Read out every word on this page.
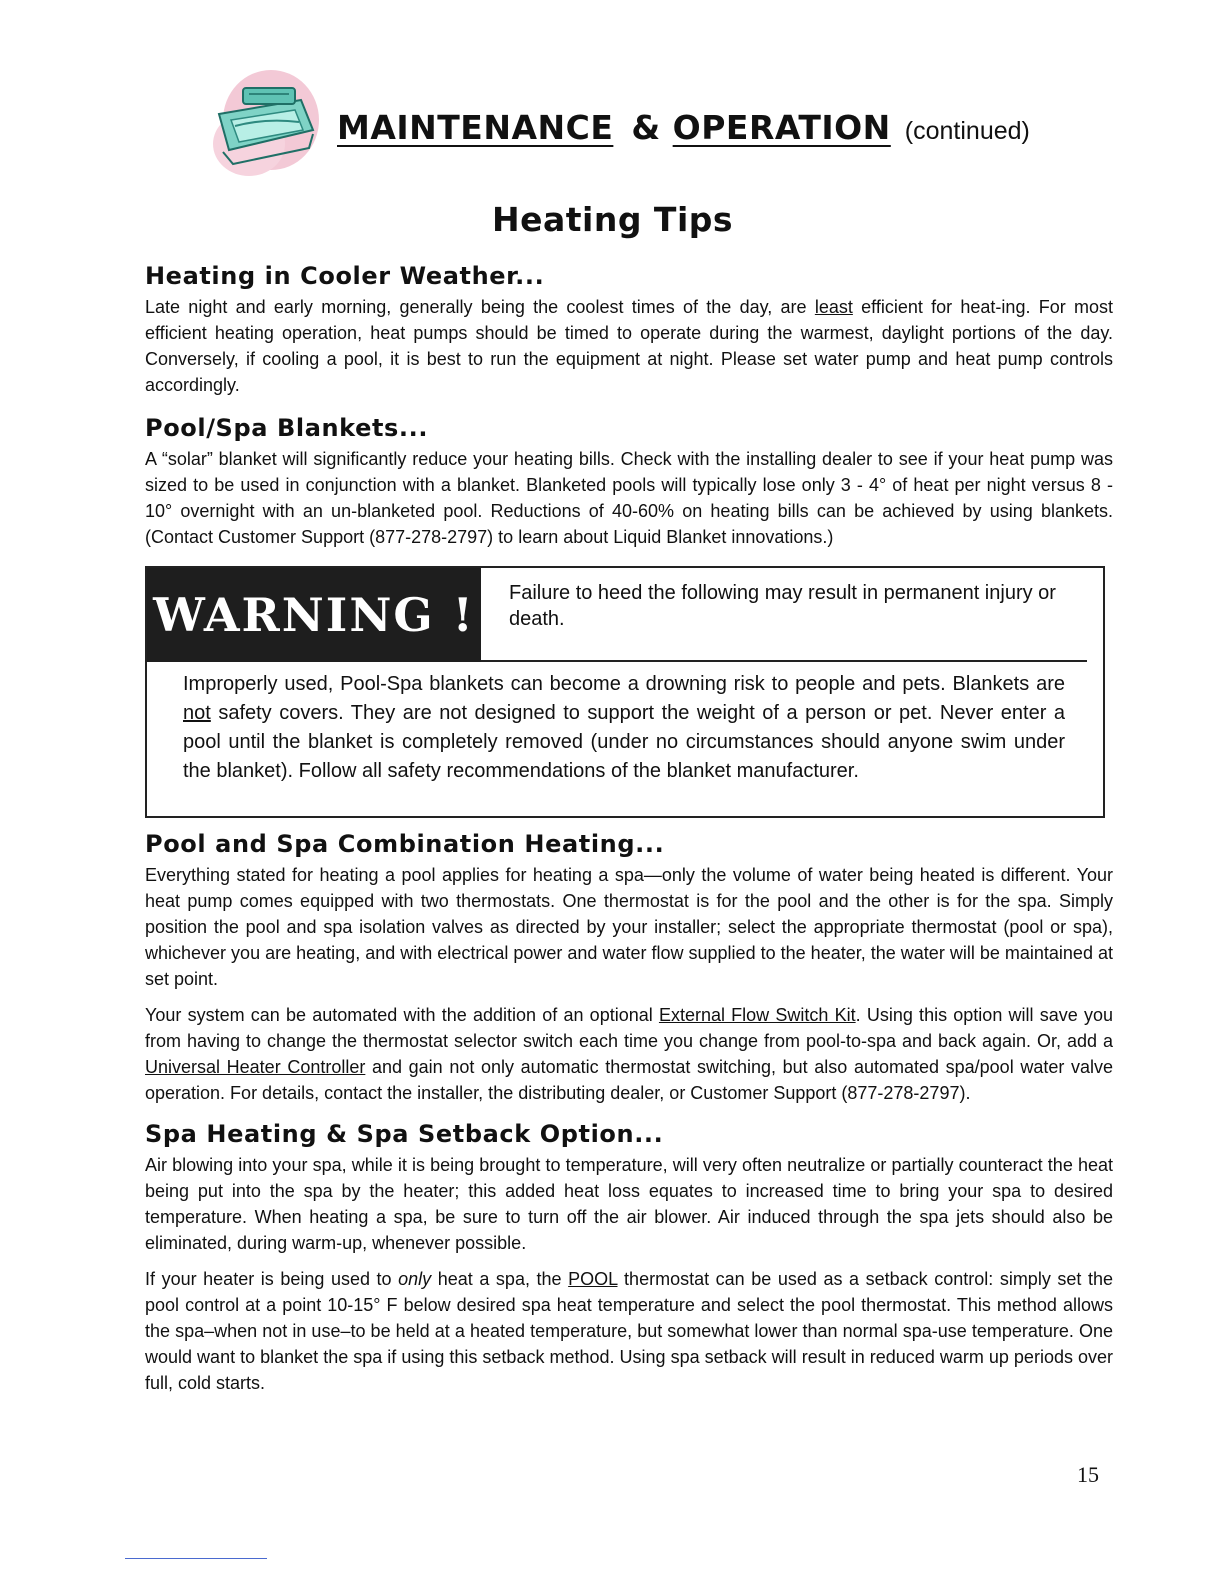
MAINTENANCE & OPERATION (continued)
Heating Tips
Heating in Cooler Weather...

Late night and early morning, generally being the coolest times of the day, are least efficient for heat-ing. For most efficient heating operation, heat pumps should be timed to operate during the warmest, daylight portions of the day. Conversely, if cooling a pool, it is best to run the equipment at night. Please set water pump and heat pump controls accordingly.

Pool/Spa Blankets...

A “solar” blanket will significantly reduce your heating bills. Check with the installing dealer to see if your heat pump was sized to be used in conjunction with a blanket. Blanketed pools will typically lose only 3 - 4° of heat per night versus 8 - 10° overnight with an un-blanketed pool. Reductions of 40-60% on heating bills can be achieved by using blankets. (Contact Customer Support (877-278-2797) to learn about Liquid Blanket innovations.)

WARNING !	Failure to heed the following may result in permanent injury or death.
Improperly used, Pool-Spa blankets can become a drowning risk to people and pets. Blankets are not safety covers. They are not designed to support the weight of a person or pet. Never enter a pool until the blanket is completely removed (under no circumstances should anyone swim under the blanket). Follow all safety recommendations of the blanket manufacturer.
Pool and Spa Combination Heating...

Everything stated for heating a pool applies for heating a spa—only the volume of water being heated is different. Your heat pump comes equipped with two thermostats. One thermostat is for the pool and the other is for the spa. Simply position the pool and spa isolation valves as directed by your installer; select the appropriate thermostat (pool or spa), whichever you are heating, and with electrical power and water flow supplied to the heater, the water will be maintained at set point.

Your system can be automated with the addition of an optional External Flow Switch Kit. Using this option will save you from having to change the thermostat selector switch each time you change from pool-to-spa and back again. Or, add a Universal Heater Controller and gain not only automatic thermostat switching, but also automated spa/pool water valve operation. For details, contact the installer, the distributing dealer, or Customer Support (877-278-2797).

Spa Heating & Spa Setback Option...

Air blowing into your spa, while it is being brought to temperature, will very often neutralize or partially counteract the heat being put into the spa by the heater; this added heat loss equates to increased time to bring your spa to desired temperature. When heating a spa, be sure to turn off the air blower. Air induced through the spa jets should also be eliminated, during warm-up, whenever possible.

If your heater is being used to only heat a spa, the POOL thermostat can be used as a setback control: simply set the pool control at a point 10-15° F below desired spa heat temperature and select the pool thermostat. This method allows the spa–when not in use–to be held at a heated temperature, but somewhat lower than normal spa-use temperature. One would want to blanket the spa if using this setback method. Using spa setback will result in reduced warm up periods over full, cold starts.

15
